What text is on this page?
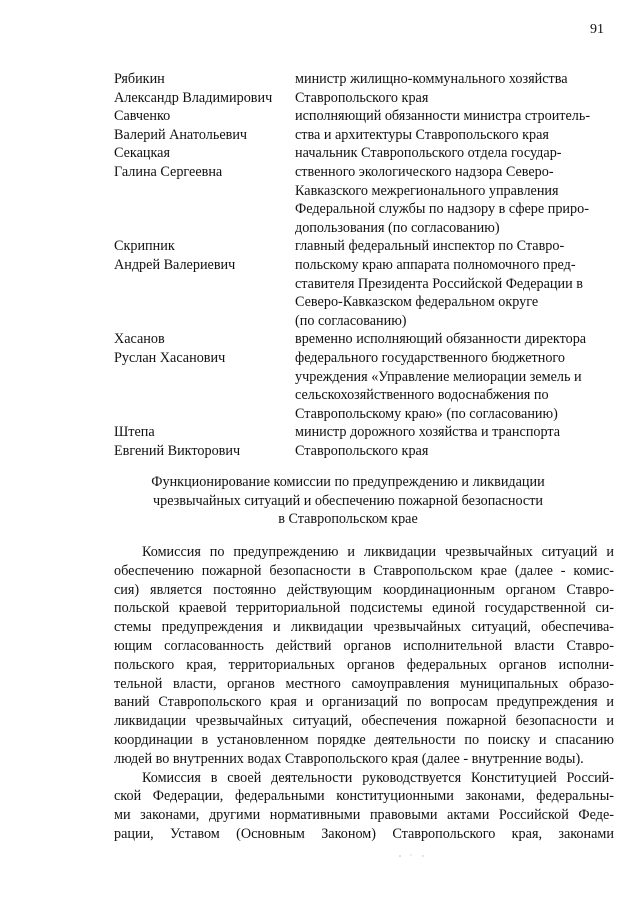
91
Рябикин
Александр Владимирович
министр жилищно-коммунального хозяйства
Ставропольского края
Савченко
Валерий Анатольевич
исполняющий обязанности министра строитель-
ства и архитектуры Ставропольского края
Секацкая
Галина Сергеевна
начальник Ставропольского отдела государ-
ственного экологического надзора Северо-
Кавказского межрегионального управления
Федеральной службы по надзору в сфере приро-
допользования (по согласованию)
Скрипник
Андрей Валериевич
главный федеральный инспектор по Ставро-
польскому краю аппарата полномочного пред-
ставителя Президента Российской Федерации в
Северо-Кавказском федеральном округе
(по согласованию)
Хасанов
Руслан Хасанович
временно исполняющий обязанности директора
федерального государственного бюджетного
учреждения «Управление мелиорации земель и
сельскохозяйственного водоснабжения по
Ставропольскому краю» (по согласованию)
Штепа
Евгений Викторович
министр дорожного хозяйства и транспорта
Ставропольского края
Функционирование комиссии по предупреждению и ликвидации
чрезвычайных ситуаций и обеспечению пожарной безопасности
в Ставропольском крае
Комиссия по предупреждению и ликвидации чрезвычайных ситуаций и
обеспечению пожарной безопасности в Ставропольском крае (далее - комис-
сия) является постоянно действующим координационным органом Ставро-
польской краевой территориальной подсистемы единой государственной си-
стемы предупреждения и ликвидации чрезвычайных ситуаций, обеспечива-
ющим согласованность действий органов исполнительной власти Ставро-
польского края, территориальных органов федеральных органов исполни-
тельной власти, органов местного самоуправления муниципальных образо-
ваний Ставропольского края и организаций по вопросам предупреждения и
ликвидации чрезвычайных ситуаций, обеспечения пожарной безопасности и
координации в установленном порядке деятельности по поиску и спасанию
людей во внутренних водах Ставропольского края (далее - внутренние воды).
Комиссия в своей деятельности руководствуется Конституцией Россий-
ской Федерации, федеральными конституционными законами, федеральны-
ми законами, другими нормативными правовыми актами Российской Феде-
рации, Уставом (Основным Законом) Ставропольского края, законами
